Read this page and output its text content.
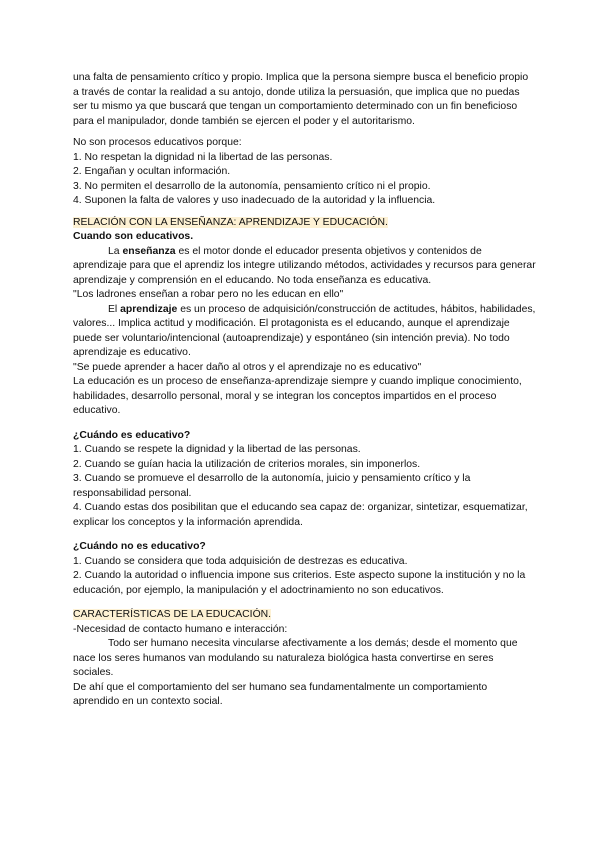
una falta de pensamiento crítico y propio. Implica que la persona siempre busca el beneficio propio a través de contar la realidad a su antojo, donde utiliza la persuasión, que implica que no puedas ser tu mismo ya que buscará que tengan un comportamiento determinado con un fin beneficioso para el manipulador, donde también se ejercen el poder y el autoritarismo.

No son procesos educativos porque:

1. No respetan la dignidad ni la libertad de las personas.

2. Engañan y ocultan información.

3. No permiten el desarrollo de la autonomía, pensamiento crítico ni el propio.

4. Suponen la falta de valores y uso inadecuado de la autoridad y la influencia.

RELACIÓN CON LA ENSEÑANZA: APRENDIZAJE Y EDUCACIÓN.

Cuando son educativos.

La enseñanza es el motor donde el educador presenta objetivos y contenidos de aprendizaje para que el aprendiz los integre utilizando métodos, actividades y recursos para generar aprendizaje y comprensión en el educando. No toda enseñanza es educativa.

"Los ladrones enseñan a robar pero no les educan en ello"

El aprendizaje es un proceso de adquisición/construcción de actitudes, hábitos, habilidades, valores... Implica actitud y modificación. El protagonista es el educando, aunque el aprendizaje puede ser voluntario/intencional (autoaprendizaje) y espontáneo (sin intención previa). No todo aprendizaje es educativo.

"Se puede aprender a hacer daño al otros y el aprendizaje no es educativo"

La educación es un proceso de enseñanza-aprendizaje siempre y cuando implique conocimiento, habilidades, desarrollo personal, moral y se integran los conceptos impartidos en el proceso educativo.

¿Cuándo es educativo?

1. Cuando se respete la dignidad y la libertad de las personas.

2. Cuando se guían hacia la utilización de criterios morales, sin imponerlos.

3. Cuando se promueve el desarrollo de la autonomía, juicio y pensamiento crítico y la responsabilidad personal.

4. Cuando estas dos posibilitan que el educando sea capaz de: organizar, sintetizar, esquematizar, explicar los conceptos y la información aprendida.

¿Cuándo no es educativo?

1. Cuando se considera que toda adquisición de destrezas es educativa.

2. Cuando la autoridad o influencia impone sus criterios. Este aspecto supone la institución y no la educación, por ejemplo, la manipulación y el adoctrinamiento no son educativos.

CARACTERÍSTICAS DE LA EDUCACIÓN.

-Necesidad de contacto humano e interacción:

Todo ser humano necesita vincularse afectivamente a los demás; desde el momento que nace los seres humanos van modulando su naturaleza biológica hasta convertirse en seres sociales.

De ahí que el comportamiento del ser humano sea fundamentalmente un comportamiento aprendido en un contexto social.
